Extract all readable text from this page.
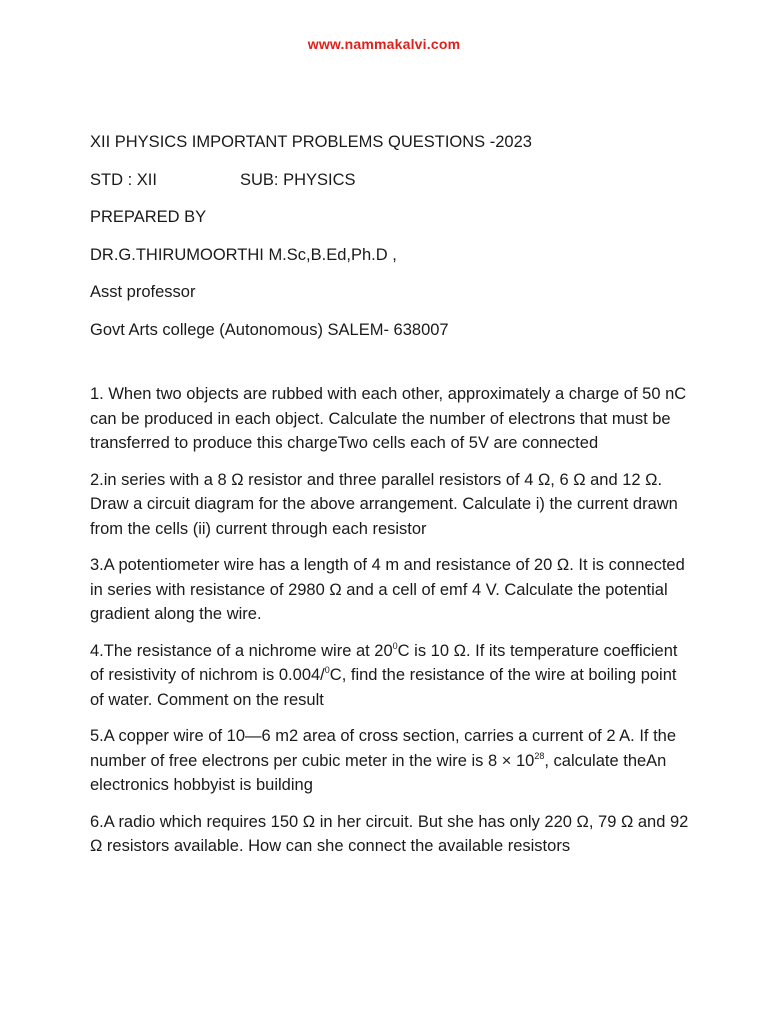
www.nammakalvi.com
XII PHYSICS IMPORTANT PROBLEMS QUESTIONS -2023
STD : XII	SUB: PHYSICS
PREPARED BY
DR.G.THIRUMOORTHI M.Sc,B.Ed,Ph.D ,
Asst professor
Govt Arts college (Autonomous) SALEM- 638007
1. When two objects are rubbed with each other, approximately a charge of 50 nC can be produced in each object. Calculate the number of electrons that must be transferred to produce this chargeTwo cells each of 5V are connected
2.in series with a 8 Ω resistor and three parallel resistors of 4 Ω, 6 Ω and 12 Ω. Draw a circuit diagram for the above arrangement. Calculate i) the current drawn from the cells (ii) current through each resistor
3.A potentiometer wire has a length of 4 m and resistance of 20 Ω. It is connected in series with resistance of 2980 Ω and a cell of emf 4 V. Calculate the potential gradient along the wire.
4.The resistance of a nichrome wire at $20^0C$ is 10 Ω. If its temperature coefficient of resistivity of nichrom is 0.004/$^0$C, find the resistance of the wire at boiling point of water. Comment on the result
5.A copper wire of 10—6 m2 area of cross section, carries a current of 2 A. If the number of free electrons per cubic meter in the wire is $8 \times 10^{28}$, calculate theAn electronics hobbyist is building
6.A radio which requires 150 Ω in her circuit. But she has only 220 Ω, 79 Ω and 92 Ω resistors available. How can she connect the available resistors
